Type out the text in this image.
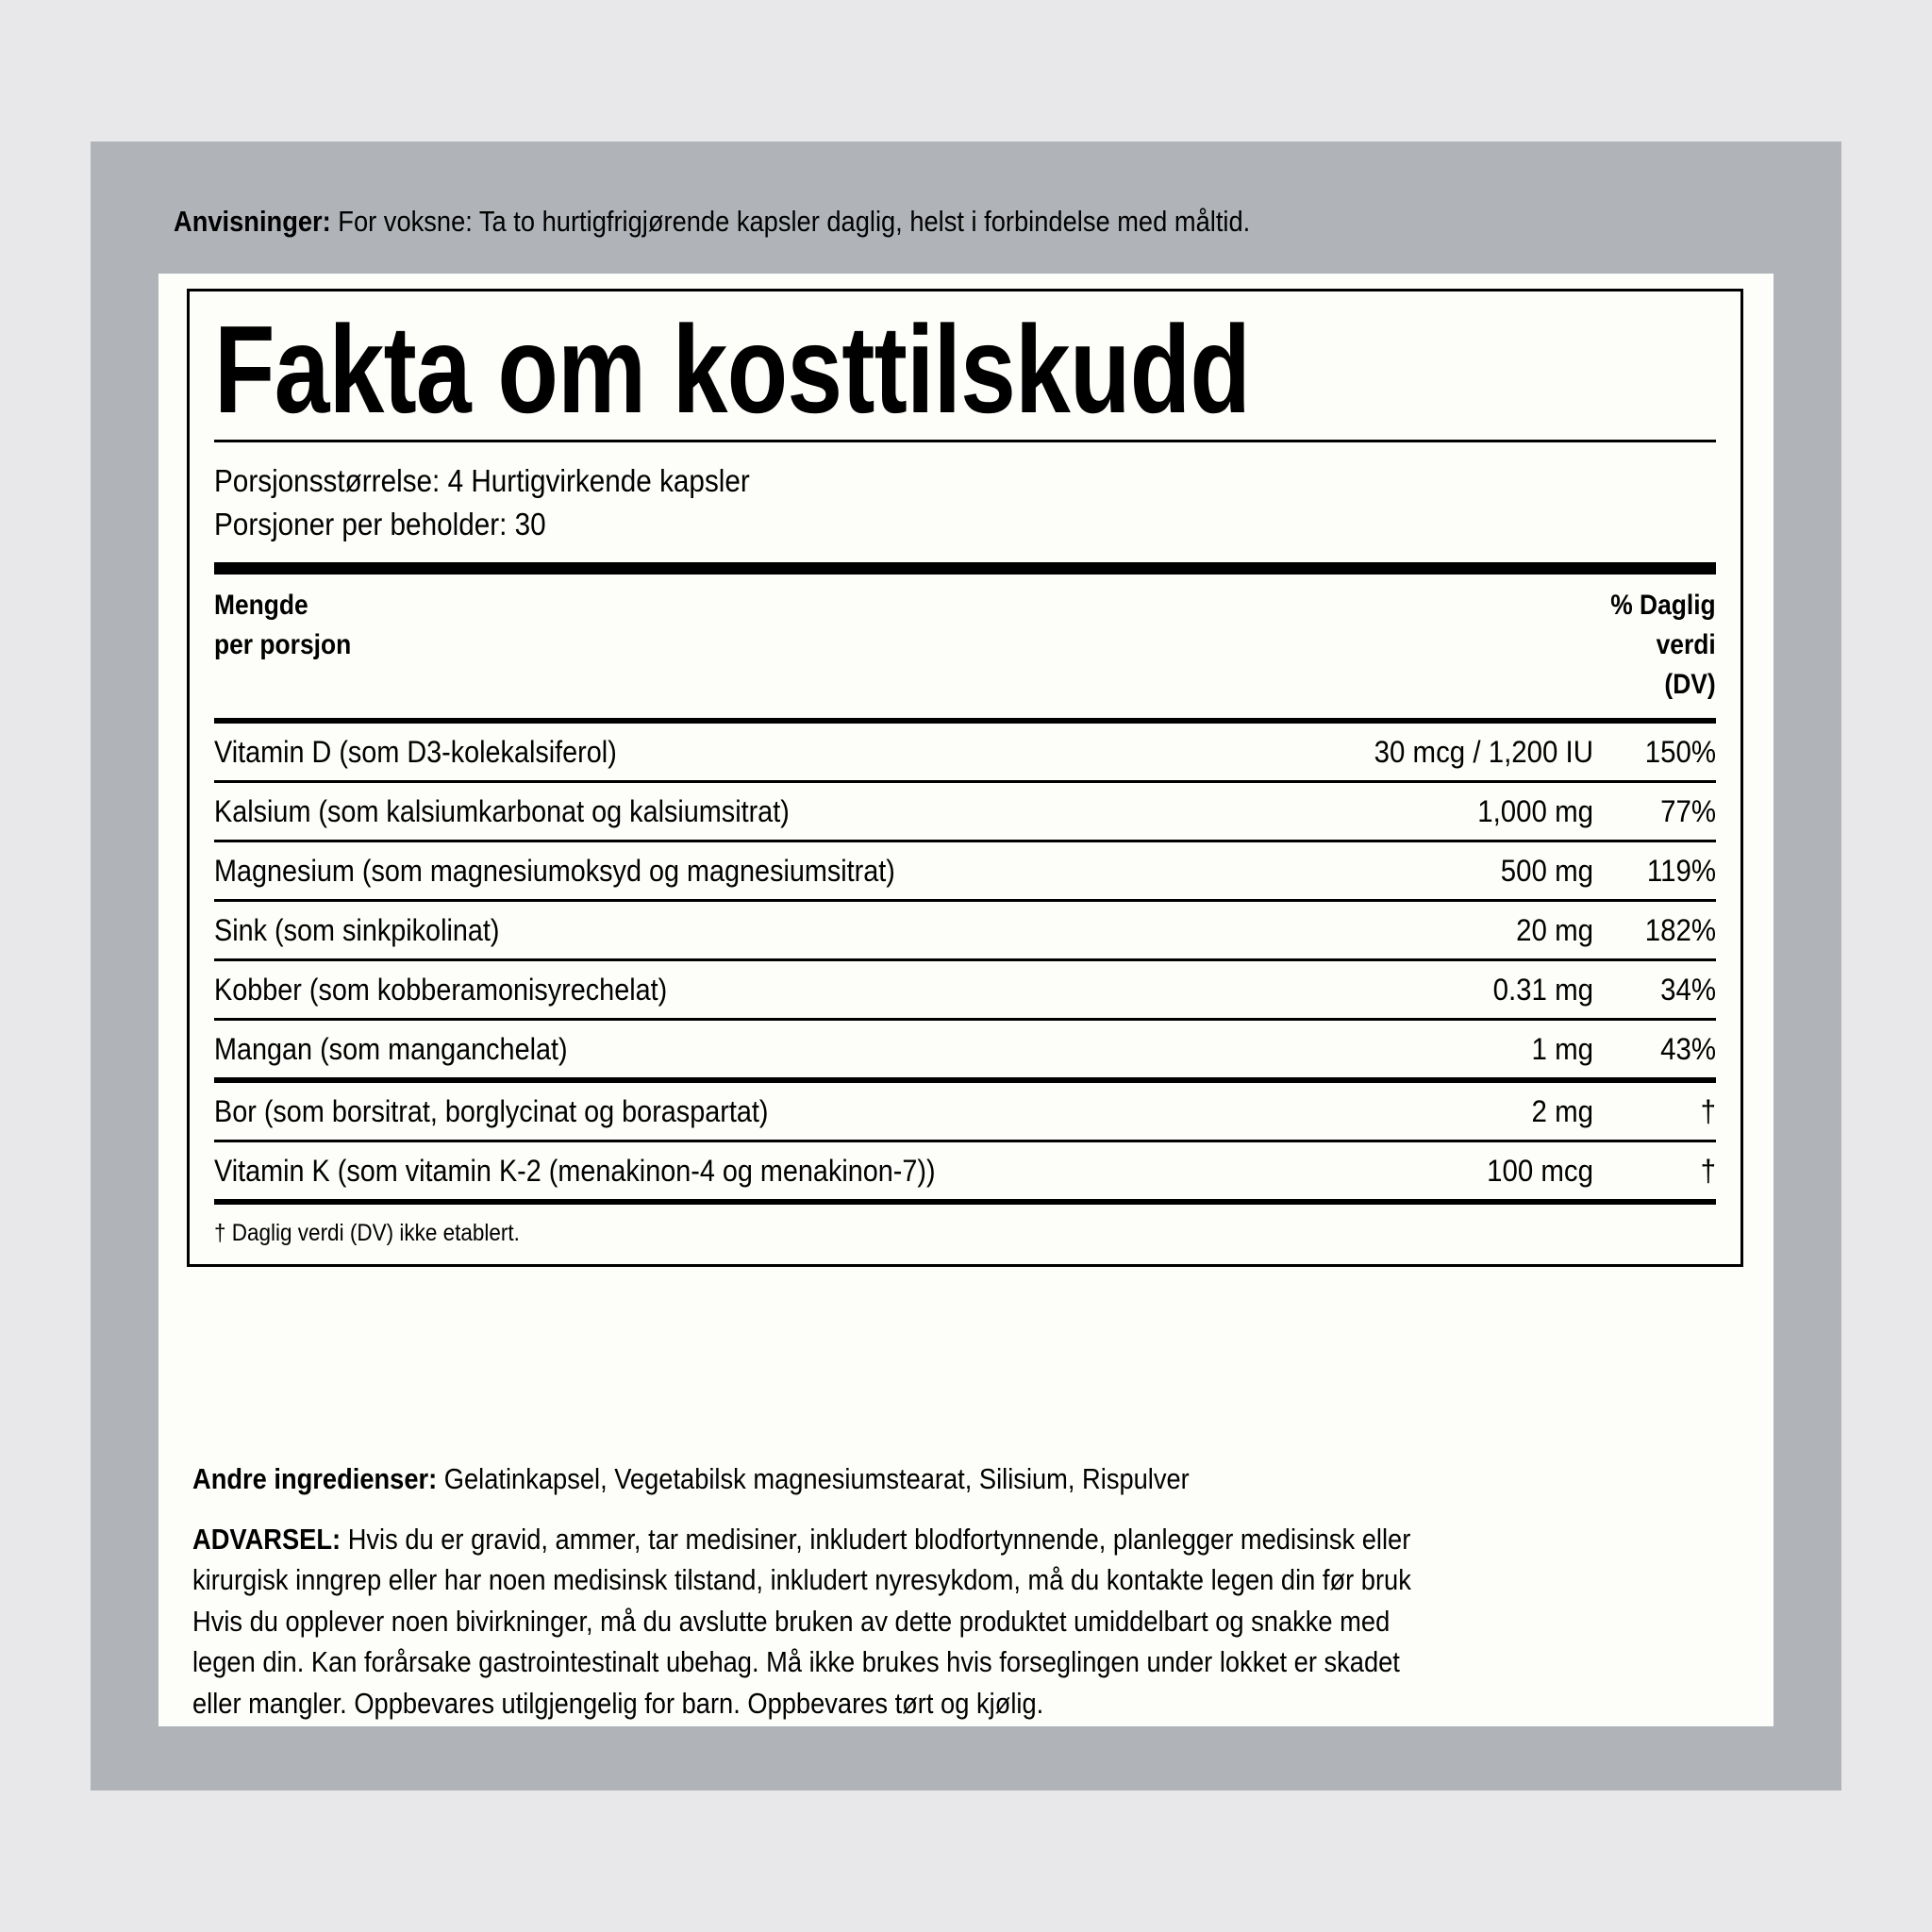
Anvisninger: For voksne: Ta to hurtigfrigjørende kapsler daglig, helst i forbindelse med måltid.
Fakta om kosttilskudd
Porsjonsstørrelse: 4 Hurtigvirkende kapsler
Porsjoner per beholder: 30
Mengde
per porsjon
% Daglig
verdi
(DV)
Vitamin D (som D3-kolekalsiferol)	30 mcg / 1,200 IU	150%
Kalsium (som kalsiumkarbonat og kalsiumsitrat)	1,000 mg	77%
Magnesium (som magnesiumoksyd og magnesiumsitrat)	500 mg	119%
Sink (som sinkpikolinat)	20 mg	182%
Kobber (som kobberamonisyrechelat)	0.31 mg	34%
Mangan (som manganchelat)	1 mg	43%
Bor (som borsitrat, borglycinat og boraspartat)	2 mg	†
Vitamin K (som vitamin K-2 (menakinon-4 og menakinon-7))	100 mcg	†
† Daglig verdi (DV) ikke etablert.
Andre ingredienser: Gelatinkapsel, Vegetabilsk magnesiumstearat, Silisium, Rispulver
ADVARSEL: Hvis du er gravid, ammer, tar medisiner, inkludert blodfortynnende, planlegger medisinsk eller kirurgisk inngrep eller har noen medisinsk tilstand, inkludert nyresykdom, må du kontakte legen din før bruk Hvis du opplever noen bivirkninger, må du avslutte bruken av dette produktet umiddelbart og snakke med legen din. Kan forårsake gastrointestinalt ubehag. Må ikke brukes hvis forseglingen under lokket er skadet eller mangler. Oppbevares utilgjengelig for barn. Oppbevares tørt og kjølig.
